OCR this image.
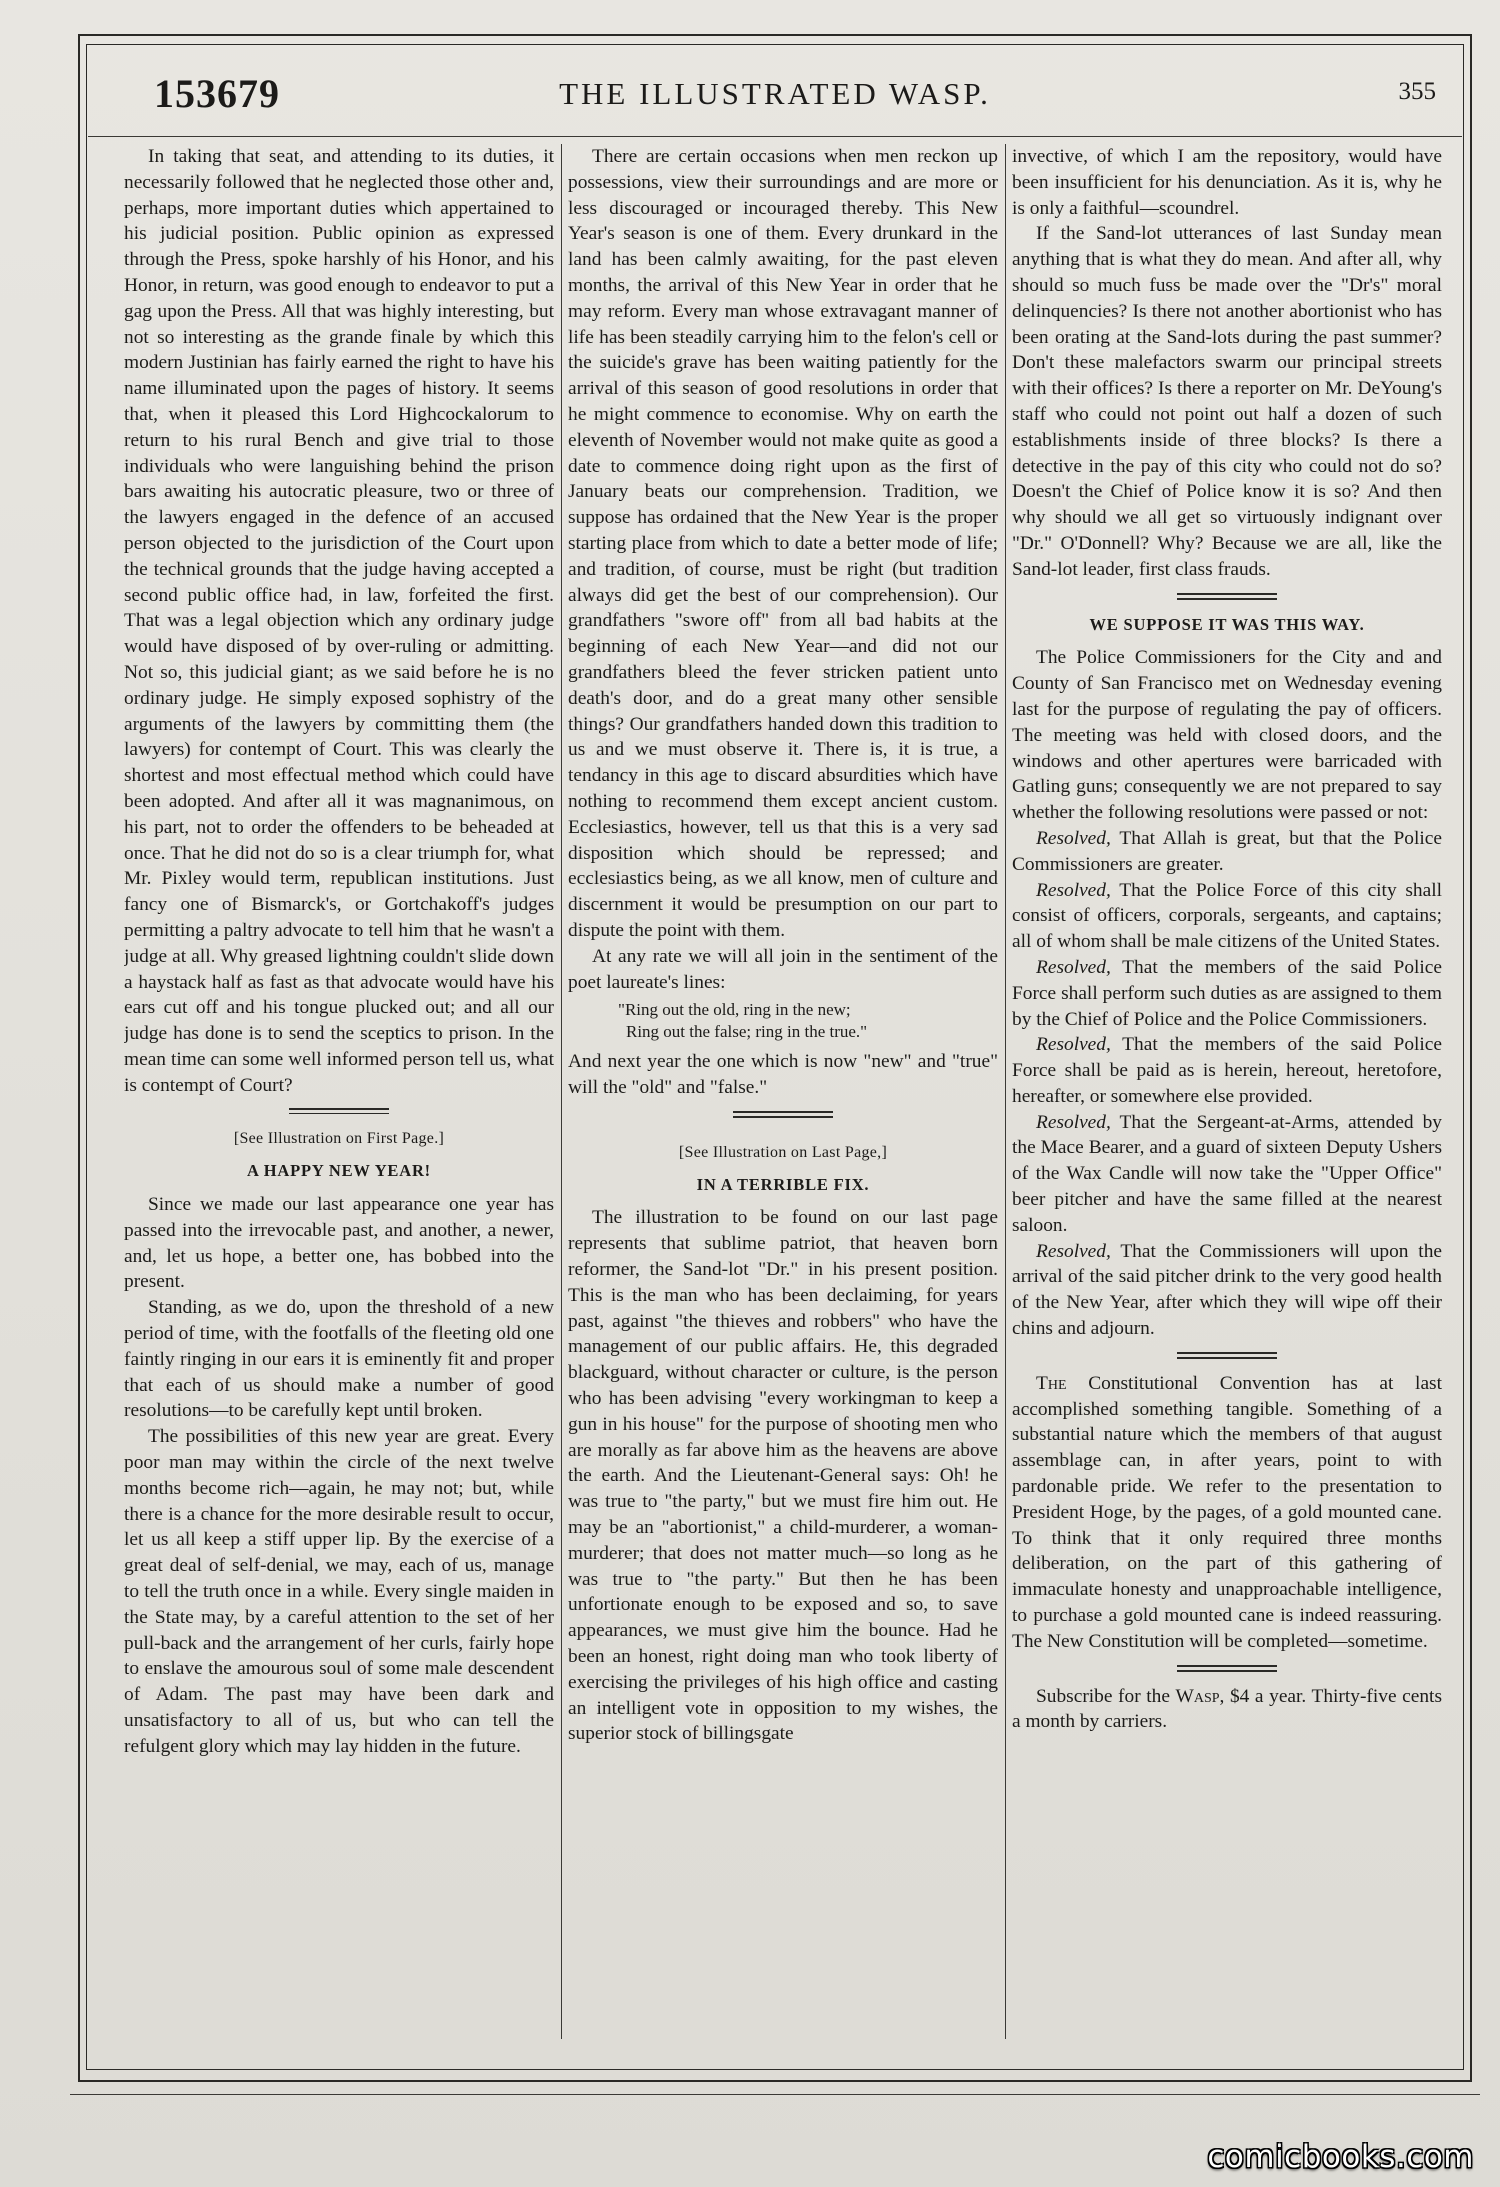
153679	THE ILLUSTRATED WASP.	355

In taking that seat, and attending to its duties, it necessarily followed that he neglected those other and, perhaps, more important duties which appertained to his judicial position. Public opinion as expressed through the Press, spoke harshly of his Honor, and his Honor, in return, was good enough to endeavor to put a gag upon the Press. All that was highly interesting, but not so interesting as the grande finale by which this modern Justinian has fairly earned the right to have his name illuminated upon the pages of history. It seems that, when it pleased this Lord Highcockalorum to return to his rural Bench and give trial to those individuals who were languishing behind the prison bars awaiting his autocratic pleasure, two or three of the lawyers engaged in the defence of an accused person objected to the jurisdiction of the Court upon the technical grounds that the judge having accepted a second public office had, in law, forfeited the first. That was a legal objection which any ordinary judge would have disposed of by over-ruling or admitting. Not so, this judicial giant; as we said before he is no ordinary judge. He simply exposed sophistry of the arguments of the lawyers by committing them (the lawyers) for contempt of Court. This was clearly the shortest and most effectual method which could have been adopted. And after all it was magnanimous, on his part, not to order the offenders to be beheaded at once. That he did not do so is a clear triumph for, what Mr. Pixley would term, republican institutions. Just fancy one of Bismarck's, or Gortchakoff's judges permitting a paltry advocate to tell him that he wasn't a judge at all. Why greased lightning couldn't slide down a haystack half as fast as that advocate would have his ears cut off and his tongue plucked out; and all our judge has done is to send the sceptics to prison. In the mean time can some well informed person tell us, what is contempt of Court?

[See Illustration on First Page.]
A HAPPY NEW YEAR!

Since we made our last appearance one year has passed into the irrevocable past, and another, a newer, and, let us hope, a better one, has bobbed into the present.

Standing, as we do, upon the threshold of a new period of time, with the footfalls of the fleeting old one faintly ringing in our ears it is eminently fit and proper that each of us should make a number of good resolutions—to be carefully kept until broken.

The possibilities of this new year are great. Every poor man may within the circle of the next twelve months become rich—again, he may not; but, while there is a chance for the more desirable result to occur, let us all keep a stiff upper lip. By the exercise of a great deal of self-denial, we may, each of us, manage to tell the truth once in a while. Every single maiden in the State may, by a careful attention to the set of her pull-back and the arrangement of her curls, fairly hope to enslave the amourous soul of some male descendent of Adam. The past may have been dark and unsatisfactory to all of us, but who can tell the refulgent glory which may lay hidden in the future.

There are certain occasions when men reckon up possessions, view their surroundings and are more or less discouraged or incouraged thereby. This New Year's season is one of them. Every drunkard in the land has been calmly awaiting, for the past eleven months, the arrival of this New Year in order that he may reform. Every man whose extravagant manner of life has been steadily carrying him to the felon's cell or the suicide's grave has been waiting patiently for the arrival of this season of good resolutions in order that he might commence to economise. Why on earth the eleventh of November would not make quite as good a date to commence doing right upon as the first of January beats our comprehension. Tradition, we suppose has ordained that the New Year is the proper starting place from which to date a better mode of life; and tradition, of course, must be right (but tradition always did get the best of our comprehension). Our grandfathers "swore off" from all bad habits at the beginning of each New Year—and did not our grandfathers bleed the fever stricken patient unto death's door, and do a great many other sensible things? Our grandfathers handed down this tradition to us and we must observe it. There is, it is true, a tendancy in this age to discard absurdities which have nothing to recommend them except ancient custom. Ecclesiastics, however, tell us that this is a very sad disposition which should be repressed; and ecclesiastics being, as we all know, men of culture and discernment it would be presumption on our part to dispute the point with them.

At any rate we will all join in the sentiment of the poet laureate's lines:

"Ring out the old, ring in the new;
Ring out the false; ring in the true."

And next year the one which is now "new" and "true" will the "old" and "false."

[See Illustration on Last Page,]
IN A TERRIBLE FIX.

The illustration to be found on our last page represents that sublime patriot, that heaven born reformer, the Sand-lot "Dr." in his present position. This is the man who has been declaiming, for years past, against "the thieves and robbers" who have the management of our public affairs. He, this degraded blackguard, without character or culture, is the person who has been advising "every workingman to keep a gun in his house" for the purpose of shooting men who are morally as far above him as the heavens are above the earth. And the Lieutenant-General says: Oh! he was true to "the party," but we must fire him out. He may be an "abortionist," a child-murderer, a woman-murderer; that does not matter much—so long as he was true to "the party." But then he has been unfortionate enough to be exposed and so, to save appearances, we must give him the bounce. Had he been an honest, right doing man who took liberty of exercising the privileges of his high office and casting an intelligent vote in opposition to my wishes, the superior stock of billingsgate

invective, of which I am the repository, would have been insufficient for his denunciation. As it is, why he is only a faithful—scoundrel.

If the Sand-lot utterances of last Sunday mean anything that is what they do mean. And after all, why should so much fuss be made over the "Dr's" moral delinquencies? Is there not another abortionist who has been orating at the Sand-lots during the past summer? Don't these malefactors swarm our principal streets with their offices? Is there a reporter on Mr. DeYoung's staff who could not point out half a dozen of such establishments inside of three blocks? Is there a detective in the pay of this city who could not do so? Doesn't the Chief of Police know it is so? And then why should we all get so virtuously indignant over "Dr." O'Donnell? Why? Because we are all, like the Sand-lot leader, first class frauds.

WE SUPPOSE IT WAS THIS WAY.

The Police Commissioners for the City and and County of San Francisco met on Wednesday evening last for the purpose of regulating the pay of officers. The meeting was held with closed doors, and the windows and other apertures were barricaded with Gatling guns; consequently we are not prepared to say whether the following resolutions were passed or not:

Resolved, That Allah is great, but that the Police Commissioners are greater.

Resolved, That the Police Force of this city shall consist of officers, corporals, sergeants, and captains; all of whom shall be male citizens of the United States.

Resolved, That the members of the said Police Force shall perform such duties as are assigned to them by the Chief of Police and the Police Commissioners.

Resolved, That the members of the said Police Force shall be paid as is herein, hereout, heretofore, hereafter, or somewhere else provided.

Resolved, That the Sergeant-at-Arms, attended by the Mace Bearer, and a guard of sixteen Deputy Ushers of the Wax Candle will now take the "Upper Office" beer pitcher and have the same filled at the nearest saloon.

Resolved, That the Commissioners will upon the arrival of the said pitcher drink to the very good health of the New Year, after which they will wipe off their chins and adjourn.

The Constitutional Convention has at last accomplished something tangible. Something of a substantial nature which the members of that august assemblage can, in after years, point to with pardonable pride. We refer to the presentation to President Hoge, by the pages, of a gold mounted cane. To think that it only required three months deliberation, on the part of this gathering of immaculate honesty and unapproachable intelligence, to purchase a gold mounted cane is indeed reassuring. The New Constitution will be completed—sometime.

Subscribe for the Wasp, $4 a year. Thirty-five cents a month by carriers.

comicbooks.com
